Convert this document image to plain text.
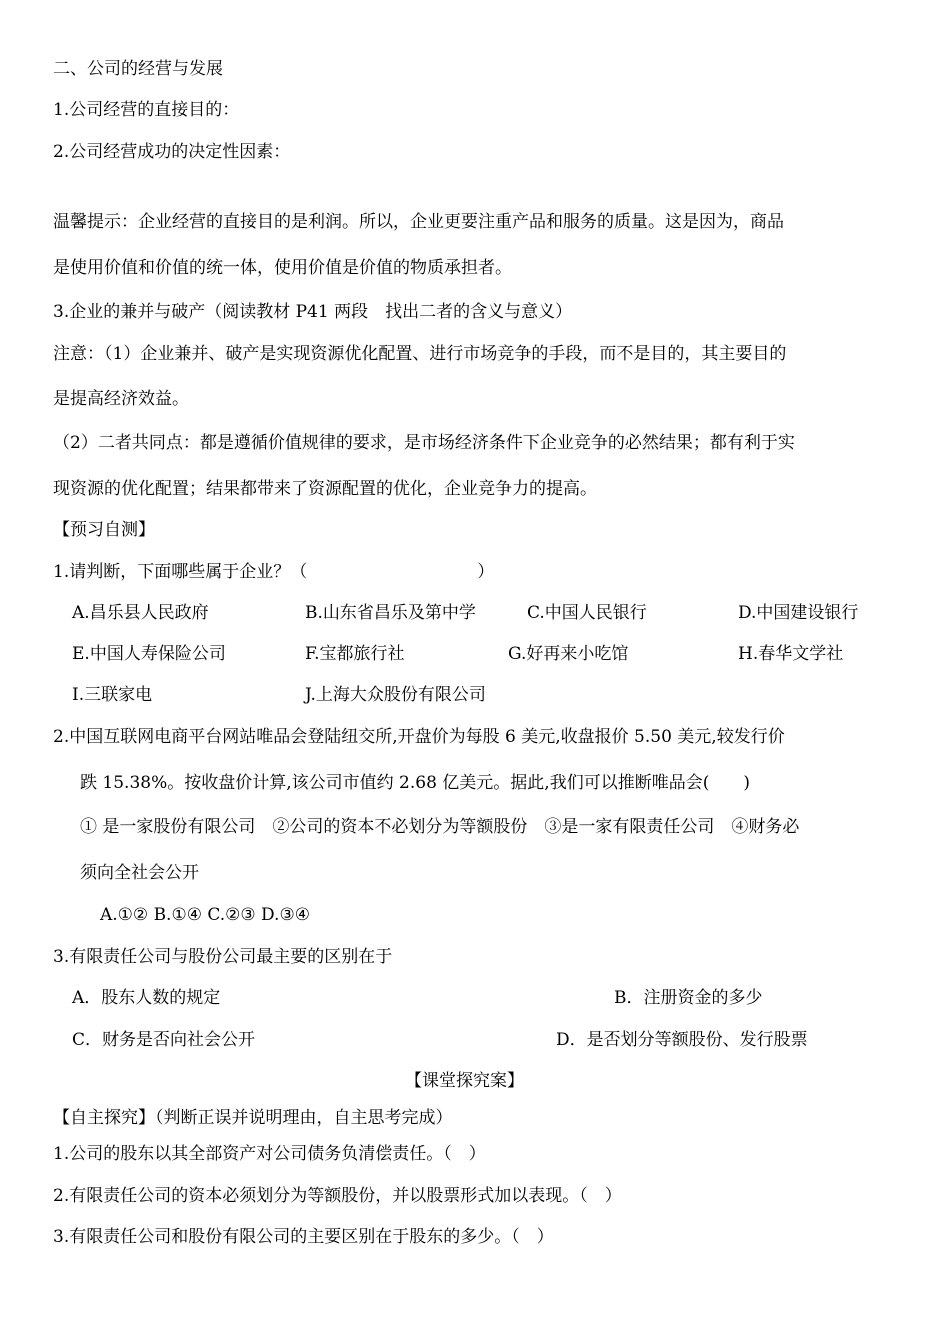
二、公司的经营与发展
1.公司经营的直接目的：
2.公司经营成功的决定性因素：
温馨提示：企业经营的直接目的是利润。所以，企业更要注重产品和服务的质量。这是因为，商品
是使用价值和价值的统一体，使用价值是价值的物质承担者。
3.企业的兼并与破产（阅读教材 P41 两段　找出二者的含义与意义）
注意：（1）企业兼并、破产是实现资源优化配置、进行市场竞争的手段，而不是目的，其主要目的
是提高经济效益。
（2）二者共同点：都是遵循价值规律的要求，是市场经济条件下企业竞争的必然结果；都有利于实
现资源的优化配置；结果都带来了资源配置的优化，企业竞争力的提高。
【预习自测】
1.请判断，下面哪些属于企业？（　　　　　　　　　　）
A.昌乐县人民政府	B.山东省昌乐及第中学	C.中国人民银行	D.中国建设银行
E.中国人寿保险公司	F.宝都旅行社	G.好再来小吃馆	H.春华文学社
I.三联家电	J.上海大众股份有限公司
2.中国互联网电商平台网站唯品会登陆纽交所,开盘价为每股 6 美元,收盘报价 5.50 美元,较发行价
跌 15.38%。按收盘价计算,该公司市值约 2.68 亿美元。据此,我们可以推断唯品会(　　)
① 是一家股份有限公司　②公司的资本不必划分为等额股份　③是一家有限责任公司　④财务必
须向全社会公开
A.①② B.①④ C.②③ D.③④
3.有限责任公司与股份公司最主要的区别在于
A．股东人数的规定	B．注册资金的多少
C．财务是否向社会公开	D．是否划分等额股份、发行股票
【课堂探究案】
【自主探究】（判断正误并说明理由，自主思考完成）
1.公司的股东以其全部资产对公司债务负清偿责任。（　）
2.有限责任公司的资本必须划分为等额股份，并以股票形式加以表现。（　）
3.有限责任公司和股份有限公司的主要区别在于股东的多少。（　）
